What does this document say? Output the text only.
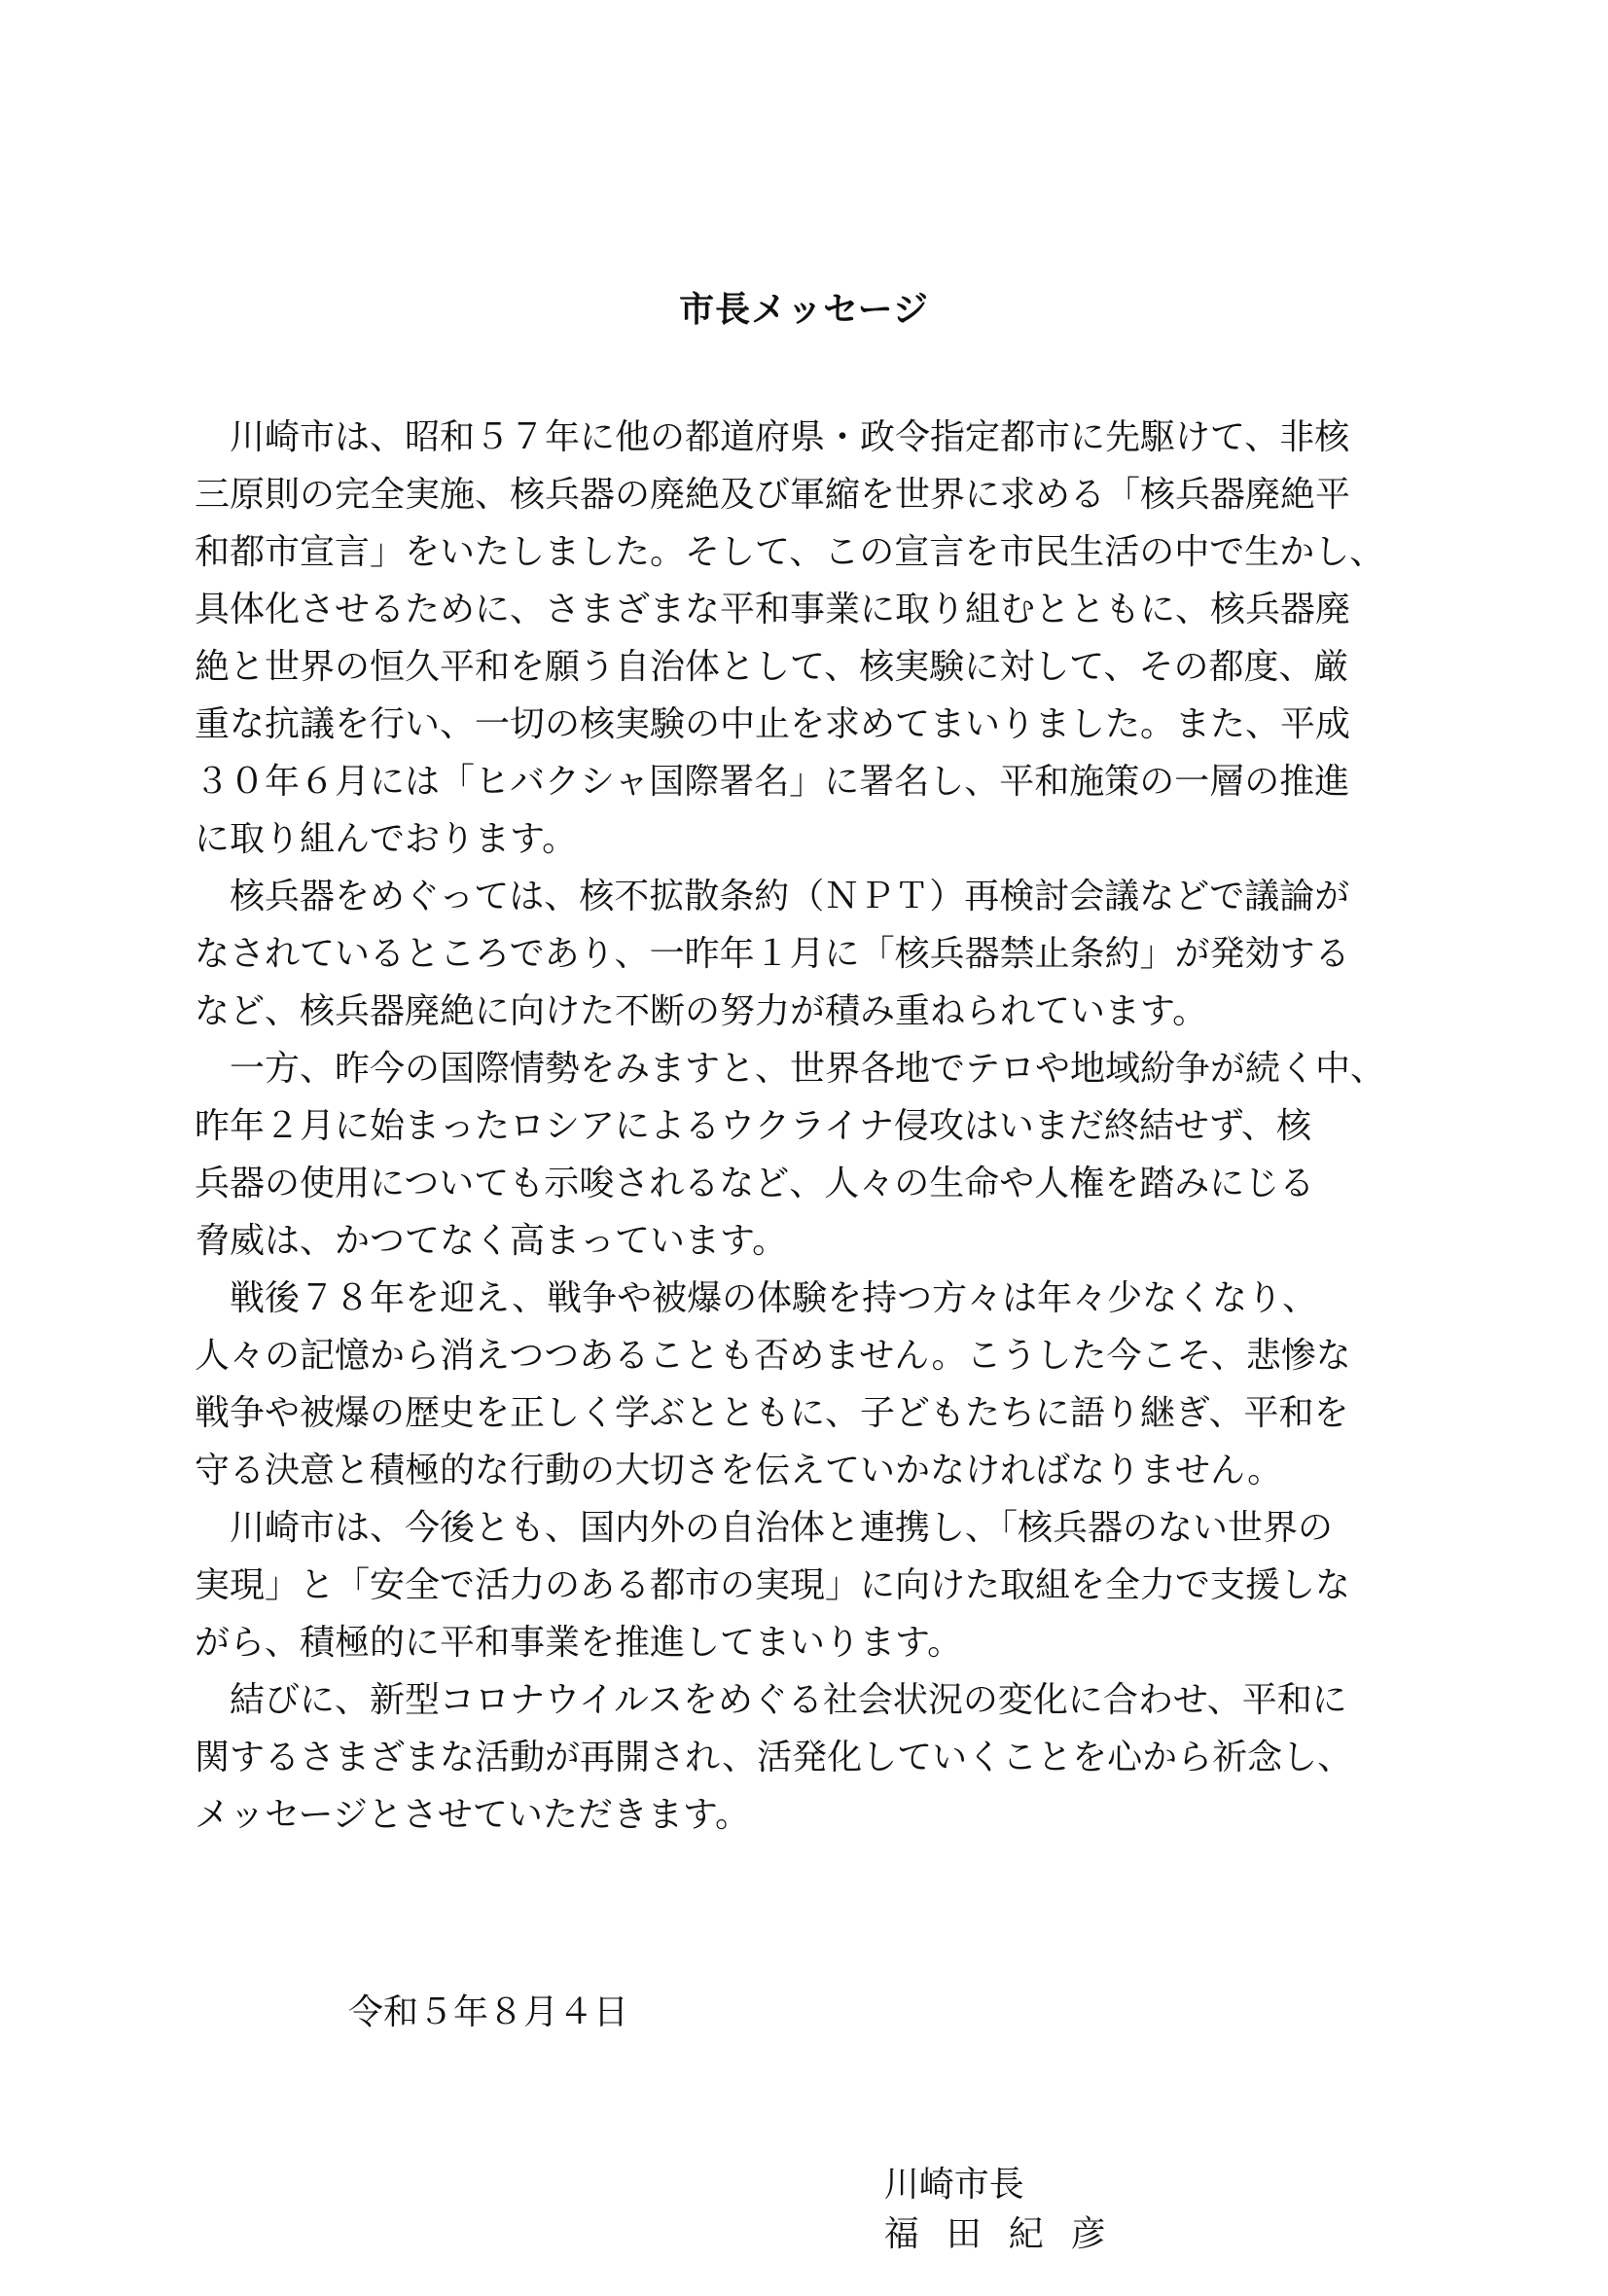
市長メッセージ
　川崎市は、昭和５７年に他の都道府県・政令指定都市に先駆けて、非核
三原則の完全実施、核兵器の廃絶及び軍縮を世界に求める「核兵器廃絶平
和都市宣言」をいたしました。そして、この宣言を市民生活の中で生かし、
具体化させるために、さまざまな平和事業に取り組むとともに、核兵器廃
絶と世界の恒久平和を願う自治体として、核実験に対して、その都度、厳
重な抗議を行い、一切の核実験の中止を求めてまいりました。また、平成
３０年６月には「ヒバクシャ国際署名」に署名し、平和施策の一層の推進
に取り組んでおります。
　核兵器をめぐっては、核不拡散条約（ＮＰＴ）再検討会議などで議論が
なされているところであり、一昨年１月に「核兵器禁止条約」が発効する
など、核兵器廃絶に向けた不断の努力が積み重ねられています。
　一方、昨今の国際情勢をみますと、世界各地でテロや地域紛争が続く中、
昨年２月に始まったロシアによるウクライナ侵攻はいまだ終結せず、核
兵器の使用についても示唆されるなど、人々の生命や人権を踏みにじる
脅威は、かつてなく高まっています。
　戦後７８年を迎え、戦争や被爆の体験を持つ方々は年々少なくなり、
人々の記憶から消えつつあることも否めません。こうした今こそ、悲惨な
戦争や被爆の歴史を正しく学ぶとともに、子どもたちに語り継ぎ、平和を
守る決意と積極的な行動の大切さを伝えていかなければなりません。
　川崎市は、今後とも、国内外の自治体と連携し、「核兵器のない世界の
実現」と「安全で活力のある都市の実現」に向けた取組を全力で支援しな
がら、積極的に平和事業を推進してまいります。
　結びに、新型コロナウイルスをめぐる社会状況の変化に合わせ、平和に
関するさまざまな活動が再開され、活発化していくことを心から祈念し、
メッセージとさせていただきます。
令和５年８月４日

川崎市長
福田紀彦
